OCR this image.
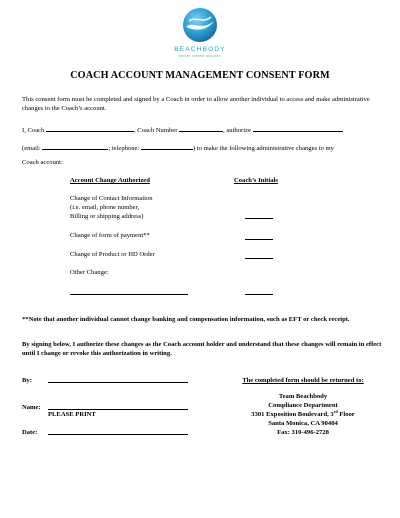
BEACHBODY
decide. commit. succeed.
COACH ACCOUNT MANAGEMENT CONSENT FORM
This consent form must be completed and signed by a Coach in order to allow another individual to access and make administrative changes to the Coach’s account.
I, Coach	, Coach Number	, authorize
(email:	; telephone:	) to make the following administrative changes to my
Coach account:
Account Change Authorized	Coach’s Initials
Change of Contact Information
(i.e. email, phone number,
Billing or shipping address)
Change of form of payment**
Change of Product or HD Order
Other Change:
**Note that another individual cannot change banking and compensation information, such as EFT or check receipt.
By signing below, I authorize these changes as the Coach account holder and understand that these changes will remain in effect until I change or revoke this authorization in writing.
By:
Name:
PLEASE PRINT
Date:
The completed form should be returned to:
Team Beachbody
Compliance Department
3301 Exposition Boulevard, 3rd Floor
Santa Monica, CA 90404
Fax: 310-496-2728
